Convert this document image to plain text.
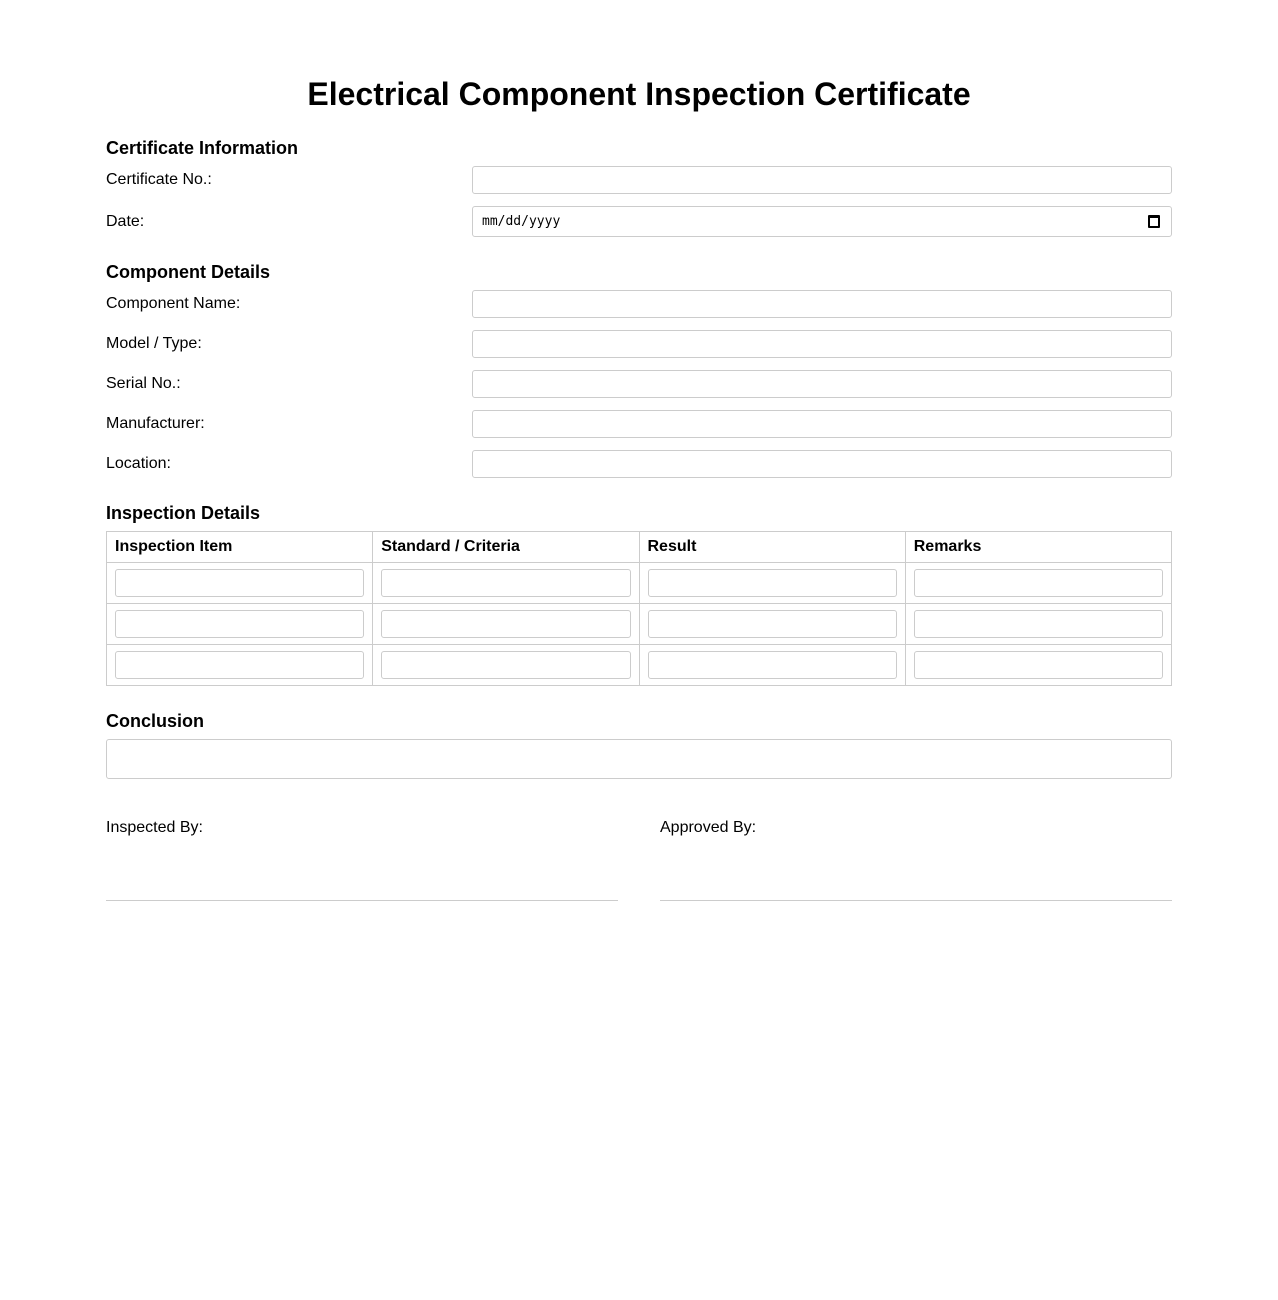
Electrical Component Inspection Certificate
Certificate Information
Certificate No.:
Date:	mm/dd/yyyy
Component Details
Component Name:
Model / Type:
Serial No.:
Manufacturer:
Location:
Inspection Details
Inspection Item	Standard / Criteria	Result	Remarks

Conclusion
Inspected By:	Approved By:
